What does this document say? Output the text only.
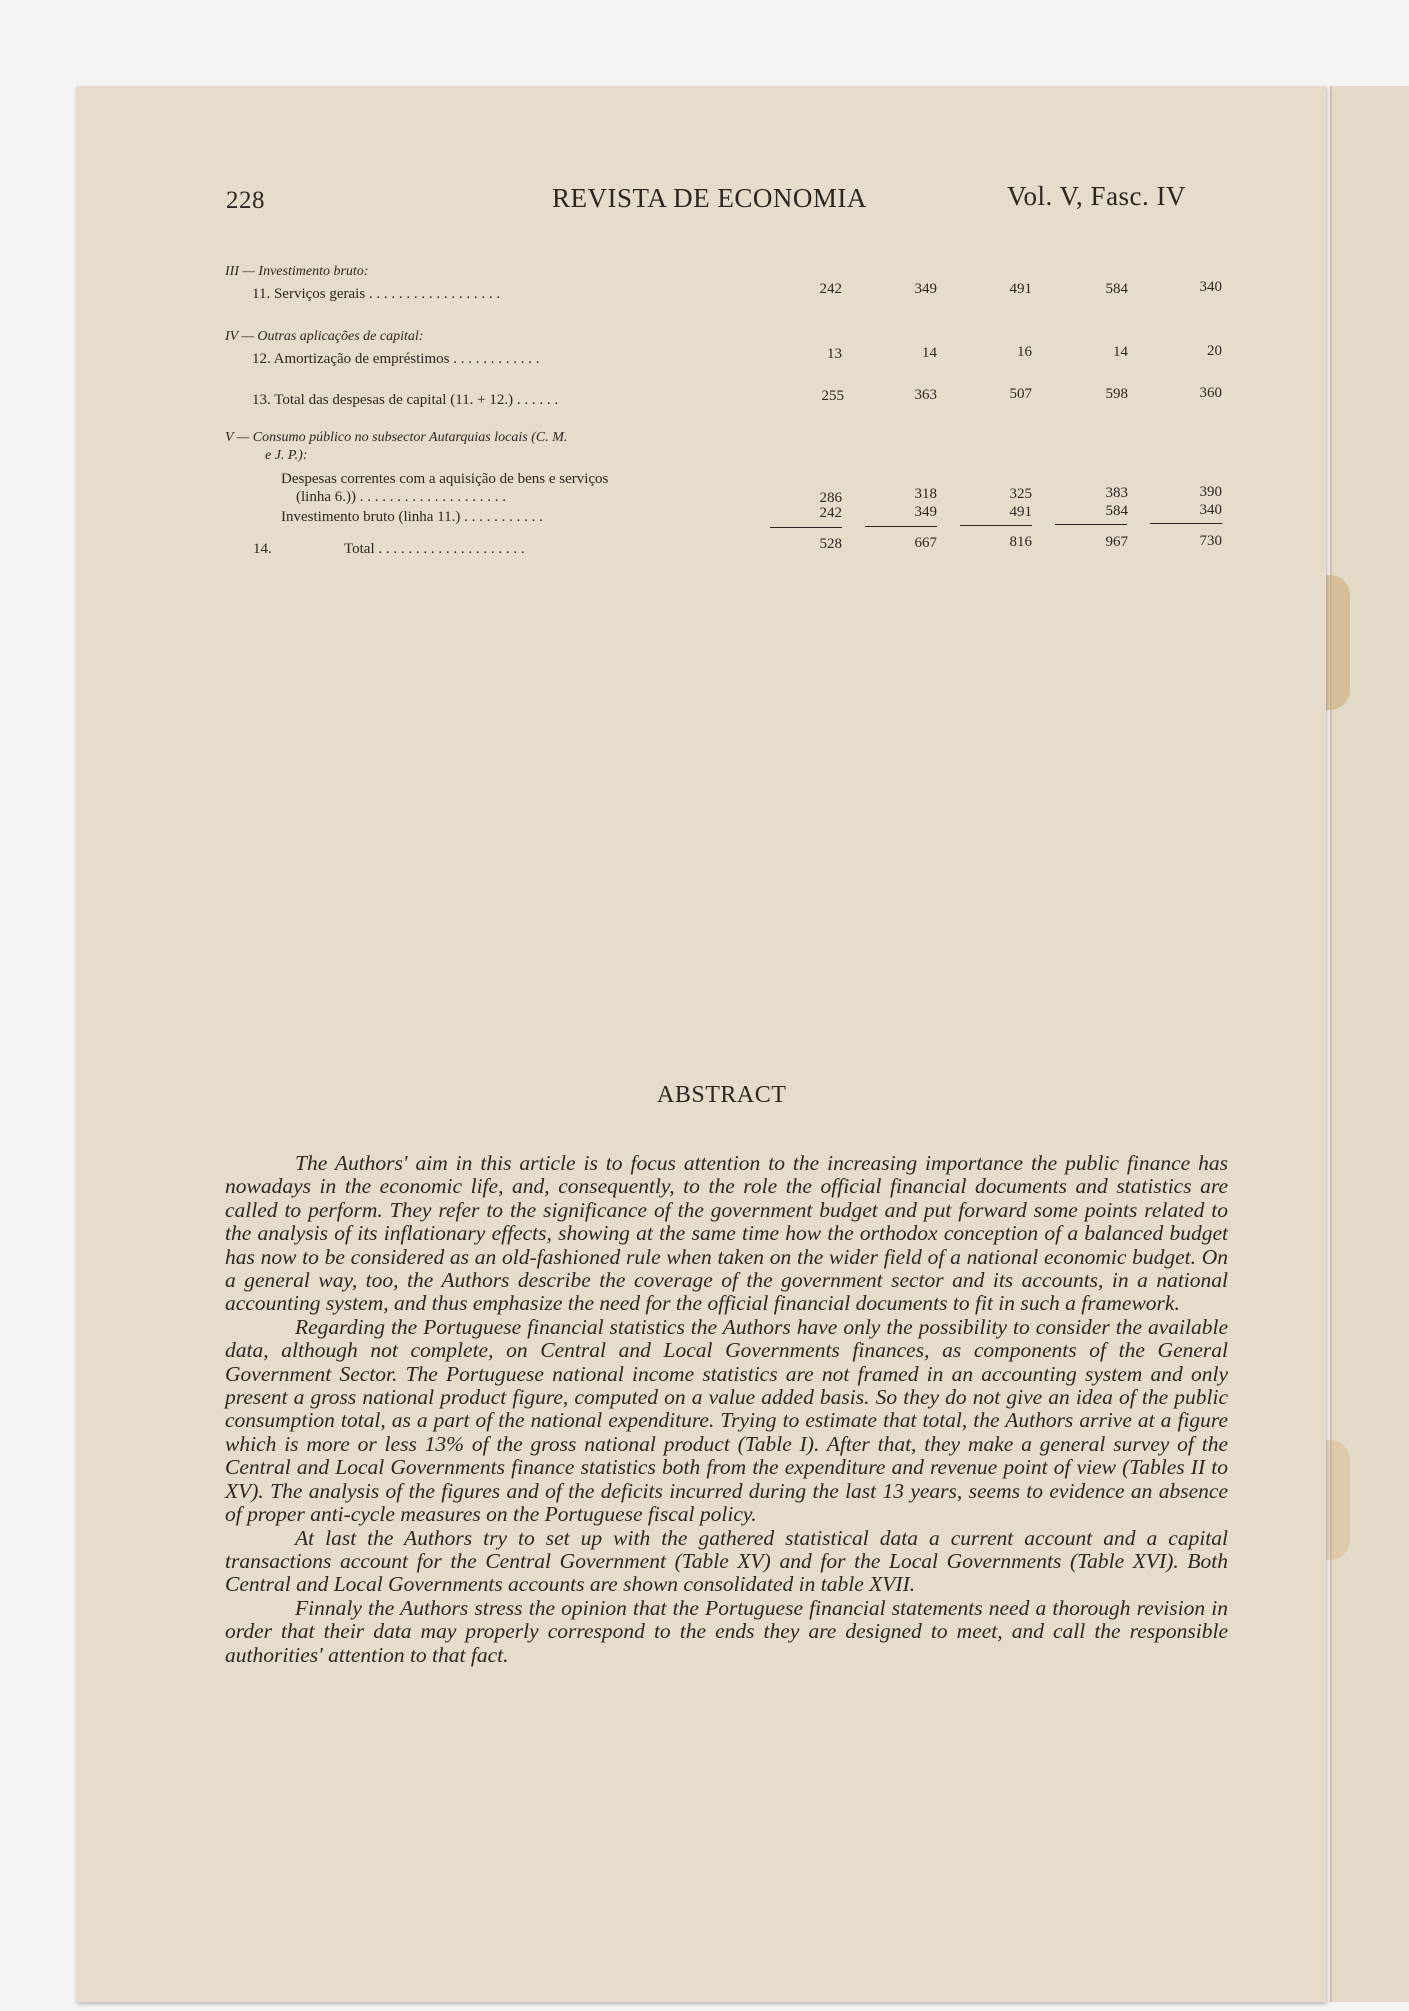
228	REVISTA DE ECONOMIA	Vol. V, Fasc. IV
III — Investimento bruto:
11. Serviços gerais . . . . . . . . . . . . . . . . . .	242	349	491	584	340
IV — Outras aplicações de capital:
12. Amortização de empréstimos . . . . . . . . . . . .	13	14	16	14	20
13. Total das despesas de capital (11. + 12.) . . . . . .	255	363	507	598	360
V — Consumo público no subsector Autarquias locais (C. M.
e J. P.):
Despesas correntes com a aquisição de bens e serviços
(linha 6.)) . . . . . . . . . . . . . . . . . . . .	286	318	325	383	390
Investimento bruto (linha 11.) . . . . . . . . . . .	242	349	491	584	340
14.	Total . . . . . . . . . . . . . . . . . . . .	528	667	816	967	730
ABSTRACT

The Authors' aim in this article is to focus attention to the increasing importance the public finance has nowadays in the economic life, and, consequently, to the role the official financial documents and statistics are called to perform. They refer to the significance of the government budget and put forward some points related to the analysis of its inflationary effects, showing at the same time how the orthodox conception of a balanced budget has now to be considered as an old-fashioned rule when taken on the wider field of a national economic budget. On a general way, too, the Authors describe the coverage of the government sector and its accounts, in a national accounting system, and thus emphasize the need for the official financial documents to fit in such a framework.

Regarding the Portuguese financial statistics the Authors have only the possibility to consider the available data, although not complete, on Central and Local Governments finances, as components of the General Government Sector. The Portuguese national income statistics are not framed in an accounting system and only present a gross national product figure, computed on a value added basis. So they do not give an idea of the public consumption total, as a part of the national expenditure. Trying to estimate that total, the Authors arrive at a figure which is more or less 13% of the gross national product (Table I). After that, they make a general survey of the Central and Local Governments finance statistics both from the expenditure and revenue point of view (Tables II to XV). The analysis of the figures and of the deficits incurred during the last 13 years, seems to evidence an absence of proper anti-cycle measures on the Portuguese fiscal policy.

At last the Authors try to set up with the gathered statistical data a current account and a capital transactions account for the Central Government (Table XV) and for the Local Governments (Table XVI). Both Central and Local Governments accounts are shown consolidated in table XVII.

Finnaly the Authors stress the opinion that the Portuguese financial statements need a thorough revision in order that their data may properly correspond to the ends they are designed to meet, and call the responsible authorities' attention to that fact.
